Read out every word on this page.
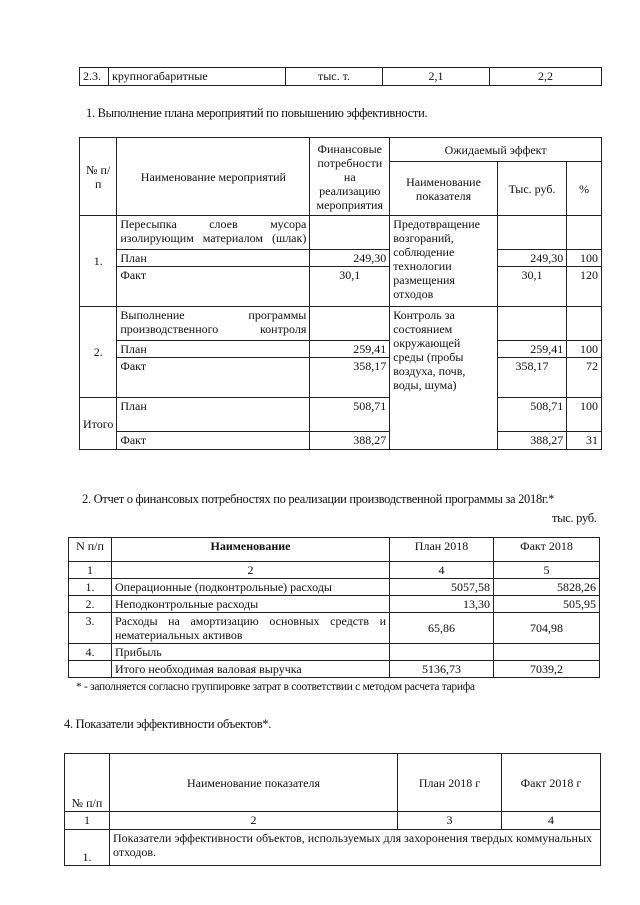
2.3.	крупногабаритные	тыс. т.	2,1	2,2
1. Выполнение плана мероприятий по повышению эффективности.
№ п/п	Наименование мероприятий	Финансовые потребности на реализацию мероприятия	Ожидаемый эффект		
			Наименование показателя	Тыс. руб.	%
1.	Пересыпка слоев мусора изолирующим материалом (шлак)		Предотвращение возгораний, соблюдение технологии размещения отходов		
	План	249,30		249,30	100
	Факт	30,1		30,1	120
2.	Выполнение программы производственного контроля		Контроль за состоянием окружающей среды (пробы воздуха, почв, воды, шума)		
	План	259,41		259,41	100
	Факт	358,17		358,17	72
Итого	План	508,71		508,71	100
	Факт	388,27		388,27	31
2. Отчет о финансовых потребностях по реализации производственной программы за 2018г.*
тыс. руб.
N п/п	Наименование	План 2018	Факт 2018
1	2	4	5
1.	Операционные (подконтрольные) расходы	5057,58	5828,26
2.	Неподконтрольные расходы	13,30	505,95
3.	Расходы на амортизацию основных средств и нематериальных активов	65,86	704,98
4.	Прибыль		
	Итого необходимая валовая выручка	5136,73	7039,2
* - заполняется согласно группировке затрат в соответствии с методом расчета тарифа
4. Показатели эффективности объектов*.
№ п/п	Наименование показателя	План 2018 г	Факт 2018 г
1	2	3	4
1.	Показатели эффективности объектов, используемых для захоронения твердых коммунальных отходов.		
